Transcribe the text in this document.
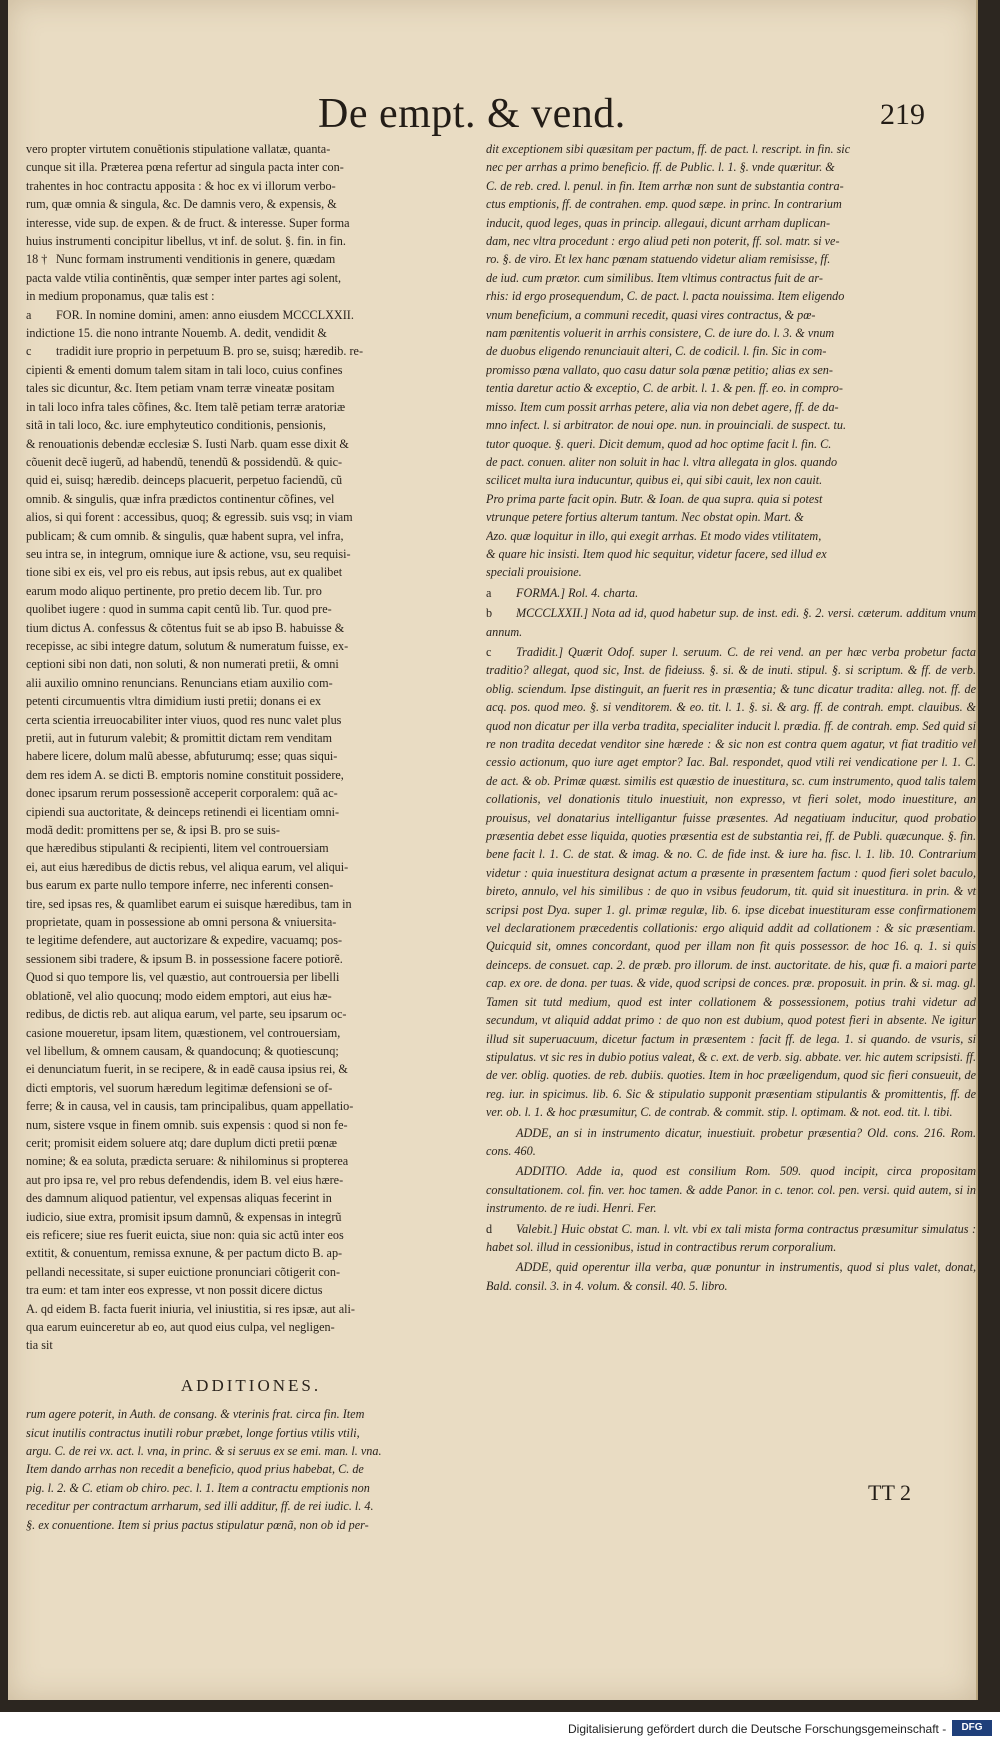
De empt. & vend.	219
vero propter virtutem conuẽtionis stipulatione vallatæ, quanta-
cunque sit illa. Præterea pœna refertur ad singula pacta inter con-
trahentes in hoc contractu apposita : & hoc ex vi illorum verbo-
rum, quæ omnia & singula, &c. De damnis vero, & expensis, &
interesse, vide sup. de expen. & de fruct. & interesse. Super forma
huius instrumenti concipitur libellus, vt inf. de solut. §. fin. in fin.
18 † Nunc formam instrumenti venditionis in genere, quædam
pacta valde vtilia continẽntis, quæ semper inter partes agi solent,
in medium proponamus, quæ talis est :
a FOR. In nomine domini, amen: anno eiusdem MCCCLXXII.
indictione 15. die nono intrante Nouemb. A. dedit, vendidit &
c tradidit iure proprio in perpetuum B. pro se, suisq; hæredib. re-
cipienti & ementi domum talem sitam in tali loco, cuius confines
tales sic dicuntur, &c. Item petiam vnam terræ vineatæ positam
in tali loco infra tales cõfines, &c. Item talẽ petiam terræ aratoriæ
sitã in tali loco, &c. iure emphyteutico conditionis, pensionis,
& renouationis debendæ ecclesiæ S. Iusti Narb. quam esse dixit &
cõuenit decẽ iugerũ, ad habendũ, tenendũ & possidendũ. & quic-
quid ei, suisq; hæredib. deinceps placuerit, perpetuo faciendũ, cũ
omnib. & singulis, quæ infra prædictos continentur cõfines, vel
alios, si qui forent : accessibus, quoq; & egressib. suis vsq; in viam
publicam; & cum omnib. & singulis, quæ habent supra, vel infra,
seu intra se, in integrum, omnique iure & actione, vsu, seu requisi-
tione sibi ex eis, vel pro eis rebus, aut ipsis rebus, aut ex qualibet
earum modo aliquo pertinente, pro pretio decem lib. Tur. pro
quolibet iugere : quod in summa capit centũ lib. Tur. quod pre-
tium dictus A. confessus & cõtentus fuit se ab ipso B. habuisse &
recepisse, ac sibi integre datum, solutum & numeratum fuisse, ex-
ceptioni sibi non dati, non soluti, & non numerati pretii, & omni
alii auxilio omnino renuncians. Renuncians etiam auxilio com-
petenti circumuentis vltra dimidium iusti pretii; donans ei ex
certa scientia irreuocabiliter inter viuos, quod res nunc valet plus
pretii, aut in futurum valebit; & promittit dictam rem venditam
habere licere, dolum malũ abesse, abfuturumq; esse; quas siqui-
dem res idem A. se dicti B. emptoris nomine constituit possidere,
donec ipsarum rerum possessionẽ acceperit corporalem: quã ac-
cipiendi sua auctoritate, & deinceps retinendi ei licentiam omni-
modã dedit: promittens per se, & ipsi B. pro se suis-
que hæredibus stipulanti & recipienti, litem vel controuersiam
ei, aut eius hæredibus de dictis rebus, vel aliqua earum, vel aliqui-
bus earum ex parte nullo tempore inferre, nec inferenti consen-
tire, sed ipsas res, & quamlibet earum ei suisque hæredibus, tam in
proprietate, quam in possessione ab omni persona & vniuersita-
te legitime defendere, aut auctorizare & expedire, vacuamq; pos-
sessionem sibi tradere, & ipsum B. in possessione facere potiorẽ.
Quod si quo tempore lis, vel quæstio, aut controuersia per libelli
oblationẽ, vel alio quocunq; modo eidem emptori, aut eius hæ-
redibus, de dictis reb. aut aliqua earum, vel parte, seu ipsarum oc-
casione moueretur, ipsam litem, quæstionem, vel controuersiam,
vel libellum, & omnem causam, & quandocunq; & quotiescunq;
ei denunciatum fuerit, in se recipere, & in eadẽ causa ipsius rei, &
dicti emptoris, vel suorum hæredum legitimæ defensioni se of-
ferre; & in causa, vel in causis, tam principalibus, quam appellatio-
num, sistere vsque in finem omnib. suis expensis : quod si non fe-
cerit; promisit eidem soluere atq; dare duplum dicti pretii pœnæ
nomine; & ea soluta, prædicta seruare: & nihilominus si propterea
aut pro ipsa re, vel pro rebus defendendis, idem B. vel eius hære-
des damnum aliquod patientur, vel expensas aliquas fecerint in
iudicio, siue extra, promisit ipsum damnũ, & expensas in integrũ
eis reficere; siue res fuerit euicta, siue non: quia sic actũ inter eos
extitit, & conuentum, remissa exnune, & per pactum dicto B. ap-
pellandi necessitate, si super euictione pronunciari cõtigerit con-
tra eum: et tam inter eos expresse, vt non possit dicere dictus
A. qd eidem B. facta fuerit iniuria, vel iniustitia, si res ipsæ, aut ali-
qua earum euinceretur ab eo, aut quod eius culpa, vel negligen-
tia sit
ADDITIONES.
rum agere poterit, in Auth. de consang. & vterinis frat. circa fin. Item
sicut inutilis contractus inutili robur præbet, longe fortius vtilis vtili,
argu. C. de rei vx. act. l. vna, in princ. & si seruus ex se emi. man. l. vna.
Item dando arrhas non recedit a beneficio, quod prius habebat, C. de
pig. l. 2. & C. etiam ob chiro. pec. l. 1. Item a contractu emptionis non
receditur per contractum arrharum, sed illi additur, ff. de rei iudic. l. 4.
§. ex conuentione. Item si prius pactus stipulatur pœnã, non ob id per-
dit exceptionem sibi quæsitam per pactum, ff. de pact. l. rescript. in fin. sic
nec per arrhas a primo beneficio. ff. de Public. l. 1. §. vnde quæritur. &
C. de reb. cred. l. penul. in fin. Item arrhæ non sunt de substantia contra-
ctus emptionis, ff. de contrahen. emp. quod sæpe. in princ. In contrarium
inducit, quod leges, quas in princip. allegaui, dicunt arrham duplican-
dam, nec vltra procedunt : ergo aliud peti non poterit, ff. sol. matr. si ve-
ro. §. de viro. Et lex hanc pœnam statuendo videtur aliam remisisse, ff.
de iud. cum prætor. cum similibus. Item vltimus contractus fuit de ar-
rhis: id ergo prosequendum, C. de pact. l. pacta nouissima. Item eligendo
vnum beneficium, a communi recedit, quasi vires contractus, & pœ-
nam pœnitentis voluerit in arrhis consistere, C. de iure do. l. 3. & vnum
de duobus eligendo renunciauit alteri, C. de codicil. l. fin. Sic in com-
promisso pœna vallato, quo casu datur sola pœnæ petitio; alias ex sen-
tentia daretur actio & exceptio, C. de arbit. l. 1. & pen. ff. eo. in compro-
misso. Item cum possit arrhas petere, alia via non debet agere, ff. de da-
mno infect. l. si arbitrator. de noui ope. nun. in prouinciali. de suspect. tu.
tutor quoque. §. queri. Dicit demum, quod ad hoc optime facit l. fin. C.
de pact. conuen. aliter non soluit in hac l. vltra allegata in glos. quando
scilicet multa iura inducuntur, quibus ei, qui sibi cauit, lex non cauit.
Pro prima parte facit opin. Butr. & Ioan. de qua supra. quia si potest
vtrunque petere fortius alterum tantum. Nec obstat opin. Mart. &
Azo. quæ loquitur in illo, qui exegit arrhas. Et modo vides vtilitatem,
& quare hic insisti. Item quod hic sequitur, videtur facere, sed illud ex
speciali prouisione.
a FORMA.] Rol. 4. charta.
b MCCCLXXII.] Nota ad id, quod habetur sup. de inst. edi. §. 2. versi. cæterum. additum vnum annum.
c Tradidit.] Quærit Odof. super l. seruum. C. de rei vend. an per hæc verba probetur facta traditio? allegat, quod sic, Inst. de fideiuss. §. si. & de inuti. stipul. §. si scriptum. & ff. de verb. oblig. sciendum. Ipse distinguit, an fuerit res in præsentia; & tunc dicatur tradita: alleg. not. ff. de acq. pos. quod meo. §. si venditorem. & eo. tit. l. 1. §. si. & arg. ff. de contrah. empt. clauibus. & quod non dicatur per illa verba tradita, specialiter inducit l. prædia. ff. de contrah. emp. Sed quid si re non tradita decedat venditor sine hærede : & sic non est contra quem agatur, vt fiat traditio vel cessio actionum, quo iure aget emptor? Iac. Bal. respondet, quod vtili rei vendicatione per l. 1. C. de act. & ob. Primæ quæst. similis est quæstio de inuestitura, sc. cum instrumento, quod talis talem collationis, vel donationis titulo inuestiuit, non expresso, vt fieri solet, modo inuestiture, an prouisus, vel donatarius intelligantur fuisse præsentes. Ad negatiuam inducitur, quod probatio præsentia debet esse liquida, quoties præsentia est de substantia rei, ff. de Publi. quæcunque. §. fin. bene facit l. 1. C. de stat. & imag. & no. C. de fide inst. & iure ha. fisc. l. 1. lib. 10. Contrarium videtur : quia inuestitura designat actum a præsente in præsentem factum : quod fieri solet baculo, bireto, annulo, vel his similibus : de quo in vsibus feudorum, tit. quid sit inuestitura. in prin. & vt scripsi post Dya. super 1. gl. primæ regulæ, lib. 6. ipse dicebat inuestituram esse confirmationem vel declarationem præcedentis collationis: ergo aliquid addit ad collationem : & sic præsentiam. Quicquid sit, omnes concordant, quod per illam non fit quis possessor. de hoc 16. q. 1. si quis deinceps. de consuet. cap. 2. de præb. pro illorum. de inst. auctoritate. de his, quæ fi. a maiori parte cap. ex ore. de dona. per tuas. & vide, quod scripsi de conces. præ. proposuit. in prin. & si. mag. gl. Tamen sit tutd medium, quod est inter collationem & possessionem, potius trahi videtur ad secundum, vt aliquid addat primo : de quo non est dubium, quod potest fieri in absente. Ne igitur illud sit superuacuum, dicetur factum in præsentem : facit ff. de lega. 1. si quando. de vsuris, si stipulatus. vt sic res in dubio potius valeat, & c. ext. de verb. sig. abbate. ver. hic autem scripsisti. ff. de ver. oblig. quoties. de reb. dubiis. quoties. Item in hoc præeligendum, quod sic fieri consueuit, de reg. iur. in spicimus. lib. 6. Sic & stipulatio supponit præsentiam stipulantis & promittentis, ff. de ver. ob. l. 1. & hoc præsumitur, C. de contrab. & commit. stip. l. optimam. & not. eod. tit. l. tibi.
ADDE, an si in instrumento dicatur, inuestiuit. probetur præsentia? Old. cons. 216. Rom. cons. 460.
ADDITIO. Adde ia, quod est consilium Rom. 509. quod incipit, circa propositam consultationem. col. fin. ver. hoc tamen. & adde Panor. in c. tenor. col. pen. versi. quid autem, si in instrumento. de re iudi. Henri. Fer.
d Valebit.] Huic obstat C. man. l. vlt. vbi ex tali mista forma contractus præsumitur simulatus : habet sol. illud in cessionibus, istud in contractibus rerum corporalium.
ADDE, quid operentur illa verba, quæ ponuntur in instrumentis, quod si plus valet, donat, Bald. consil. 3. in 4. volum. & consil. 40. 5. libro.
TT 2
Digitalisierung gefördert durch die Deutsche Forschungsgemeinschaft -	DFG
